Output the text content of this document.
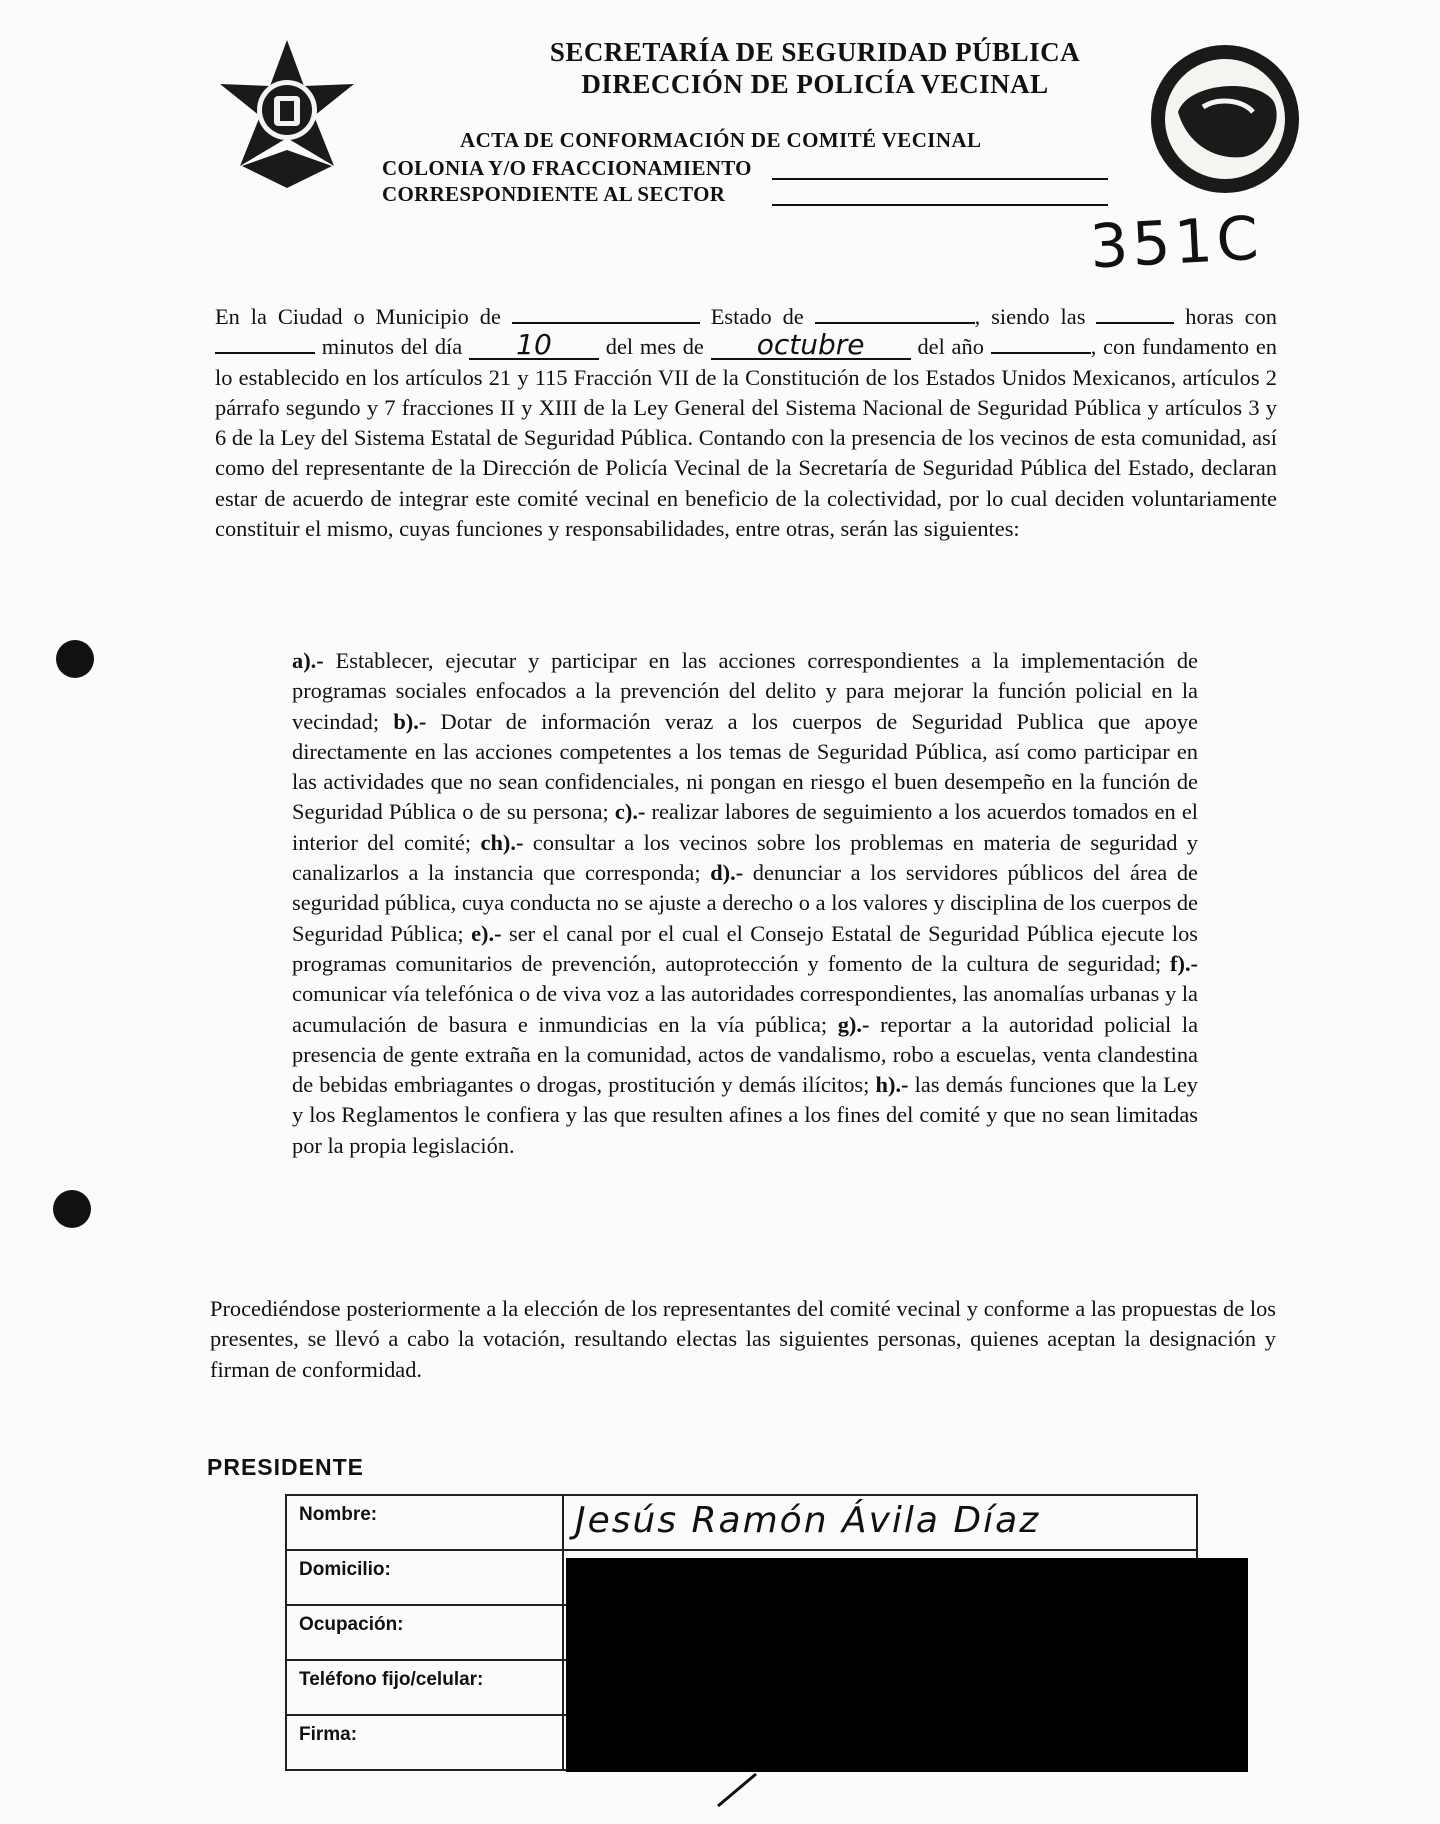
SECRETARÍA DE SEGURIDAD PÚBLICA
DIRECCIÓN DE POLICÍA VECINAL
ACTA DE CONFORMACIÓN DE COMITÉ VECINAL
COLONIA Y/O FRACCIONAMIENTO
CORRESPONDIENTE AL SECTOR
351C
En la Ciudad o Municipio de	Estado de	, siendo las	horas con  minutos del día 10 del mes de octubre del año	, con fundamento en lo establecido en los artículos 21 y 115 Fracción VII de la Constitución de los Estados Unidos Mexicanos, artículos 2 párrafo segundo y 7 fracciones II y XIII de la Ley General del Sistema Nacional de Seguridad Pública y artículos 3 y 6 de la Ley del Sistema Estatal de Seguridad Pública. Contando con la presencia de los vecinos de esta comunidad, así como del representante de la Dirección de Policía Vecinal de la Secretaría de Seguridad Pública del Estado, declaran estar de acuerdo de integrar este comité vecinal en beneficio de la colectividad, por lo cual deciden voluntariamente constituir el mismo, cuyas funciones y responsabilidades, entre otras, serán las siguientes:
a).- Establecer, ejecutar y participar en las acciones correspondientes a la implementación de programas sociales enfocados a la prevención del delito y para mejorar la función policial en la vecindad; b).- Dotar de información veraz a los cuerpos de Seguridad Publica que apoye directamente en las acciones competentes a los temas de Seguridad Pública, así como participar en las actividades que no sean confidenciales, ni pongan en riesgo el buen desempeño en la función de Seguridad Pública o de su persona; c).- realizar labores de seguimiento a los acuerdos tomados en el interior del comité; ch).- consultar a los vecinos sobre los problemas en materia de seguridad y canalizarlos a la instancia que corresponda; d).- denunciar a los servidores públicos del área de seguridad pública, cuya conducta no se ajuste a derecho o a los valores y disciplina de los cuerpos de Seguridad Pública; e).- ser el canal por el cual el Consejo Estatal de Seguridad Pública ejecute los programas comunitarios de prevención, autoprotección y fomento de la cultura de seguridad; f).- comunicar vía telefónica o de viva voz a las autoridades correspondientes, las anomalías urbanas y la acumulación de basura e inmundicias en la vía pública; g).- reportar a la autoridad policial la presencia de gente extraña en la comunidad, actos de vandalismo, robo a escuelas, venta clandestina de bebidas embriagantes o drogas, prostitución y demás ilícitos; h).- las demás funciones que la Ley y los Reglamentos le confiera y las que resulten afines a los fines del comité y que no sean limitadas por la propia legislación.
Procediéndose posteriormente a la elección de los representantes del comité vecinal y conforme a las propuestas de los presentes, se llevó a cabo la votación, resultando electas las siguientes personas, quienes aceptan la designación y firman de conformidad.
PRESIDENTE
Nombre:	Jesús Ramón Ávila Díaz
Domicilio:
Ocupación:
Teléfono fijo/celular:
Firma:
